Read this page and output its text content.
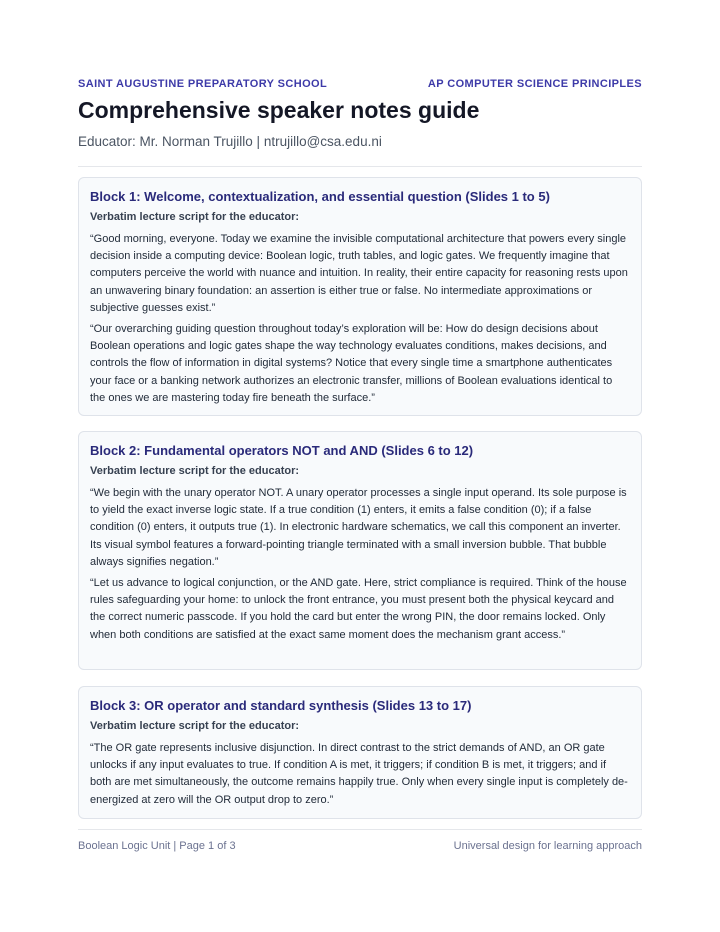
SAINT AUGUSTINE PREPARATORY SCHOOL	AP COMPUTER SCIENCE PRINCIPLES
Comprehensive speaker notes guide
Educator: Mr. Norman Trujillo | ntrujillo@csa.edu.ni
Block 1: Welcome, contextualization, and essential question (Slides 1 to 5)
Verbatim lecture script for the educator:

“Good morning, everyone. Today we examine the invisible computational architecture that powers every single decision inside a computing device: Boolean logic, truth tables, and logic gates. We frequently imagine that computers perceive the world with nuance and intuition. In reality, their entire capacity for reasoning rests upon an unwavering binary foundation: an assertion is either true or false. No intermediate approximations or subjective guesses exist.”

“Our overarching guiding question throughout today’s exploration will be: How do design decisions about Boolean operations and logic gates shape the way technology evaluates conditions, makes decisions, and controls the flow of information in digital systems? Notice that every single time a smartphone authenticates your face or a banking network authorizes an electronic transfer, millions of Boolean evaluations identical to the ones we are mastering today fire beneath the surface.”

Block 2: Fundamental operators NOT and AND (Slides 6 to 12)
Verbatim lecture script for the educator:

“We begin with the unary operator NOT. A unary operator processes a single input operand. Its sole purpose is to yield the exact inverse logic state. If a true condition (1) enters, it emits a false condition (0); if a false condition (0) enters, it outputs true (1). In electronic hardware schematics, we call this component an inverter. Its visual symbol features a forward-pointing triangle terminated with a small inversion bubble. That bubble always signifies negation.”

“Let us advance to logical conjunction, or the AND gate. Here, strict compliance is required. Think of the house rules safeguarding your home: to unlock the front entrance, you must present both the physical keycard and the correct numeric passcode. If you hold the card but enter the wrong PIN, the door remains locked. Only when both conditions are satisfied at the exact same moment does the mechanism grant access.”

Block 3: OR operator and standard synthesis (Slides 13 to 17)
Verbatim lecture script for the educator:

“The OR gate represents inclusive disjunction. In direct contrast to the strict demands of AND, an OR gate unlocks if any input evaluates to true. If condition A is met, it triggers; if condition B is met, it triggers; and if both are met simultaneously, the outcome remains happily true. Only when every single input is completely de-energized at zero will the OR output drop to zero.”

Boolean Logic Unit | Page 1 of 3	Universal design for learning approach
